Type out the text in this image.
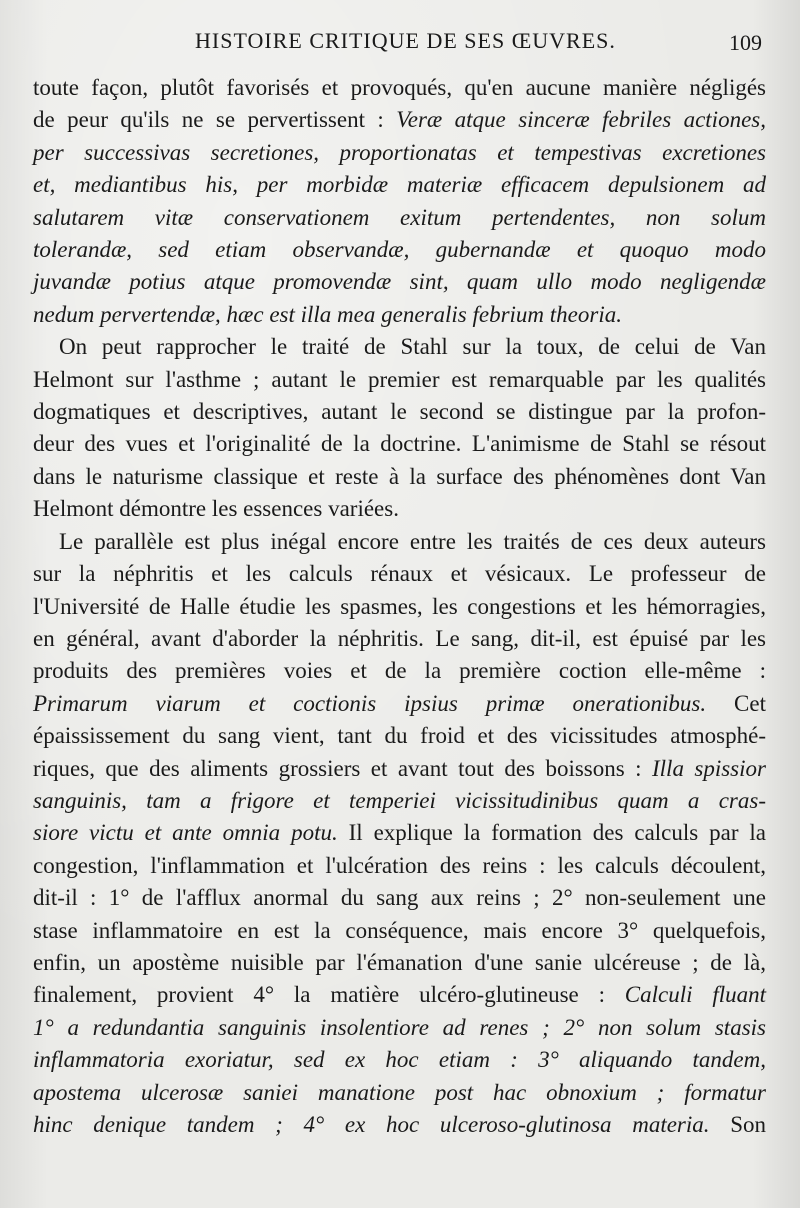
HISTOIRE CRITIQUE DE SES ŒUVRES.	109

toute façon, plutôt favorisés et provoqués, qu'en aucune manière négligés
de peur qu'ils ne se pervertissent : Veræ atque sinceræ febriles actiones,
per successivas secretiones, proportionatas et tempestivas excretiones
et, mediantibus his, per morbidæ materiæ efficacem depulsionem ad
salutarem vitæ conservationem exitum pertendentes, non solum
tolerandæ, sed etiam observandæ, gubernandæ et quoquo modo
juvandæ potius atque promovendæ sint, quam ullo modo negligendæ
nedum pervertendæ, hæc est illa mea generalis febrium theoria.

On peut rapprocher le traité de Stahl sur la toux, de celui de Van
Helmont sur l'asthme ; autant le premier est remarquable par les qualités
dogmatiques et descriptives, autant le second se distingue par la profon-
deur des vues et l'originalité de la doctrine. L'animisme de Stahl se résout
dans le naturisme classique et reste à la surface des phénomènes dont Van
Helmont démontre les essences variées.

Le parallèle est plus inégal encore entre les traités de ces deux auteurs
sur la néphritis et les calculs rénaux et vésicaux. Le professeur de
l'Université de Halle étudie les spasmes, les congestions et les hémorragies,
en général, avant d'aborder la néphritis. Le sang, dit-il, est épuisé par les
produits des premières voies et de la première coction elle-même :
Primarum viarum et coctionis ipsius primæ onerationibus. Cet
épaississement du sang vient, tant du froid et des vicissitudes atmosphé-
riques, que des aliments grossiers et avant tout des boissons : Illa spissior
sanguinis, tam a frigore et temperiei vicissitudinibus quam a cras-
siore victu et ante omnia potu. Il explique la formation des calculs par la
congestion, l'inflammation et l'ulcération des reins : les calculs découlent,
dit-il : 1° de l'afflux anormal du sang aux reins ; 2° non-seulement une
stase inflammatoire en est la conséquence, mais encore 3° quelquefois,
enfin, un apostème nuisible par l'émanation d'une sanie ulcéreuse ; de là,
finalement, provient 4° la matière ulcéro-glutineuse : Calculi fluant
1° a redundantia sanguinis insolentiore ad renes ; 2° non solum stasis
inflammatoria exoriatur, sed ex hoc etiam : 3° aliquando tandem,
apostema ulcerosæ saniei manatione post hac obnoxium ; formatur
hinc denique tandem ; 4° ex hoc ulceroso-glutinosa materia. Son
